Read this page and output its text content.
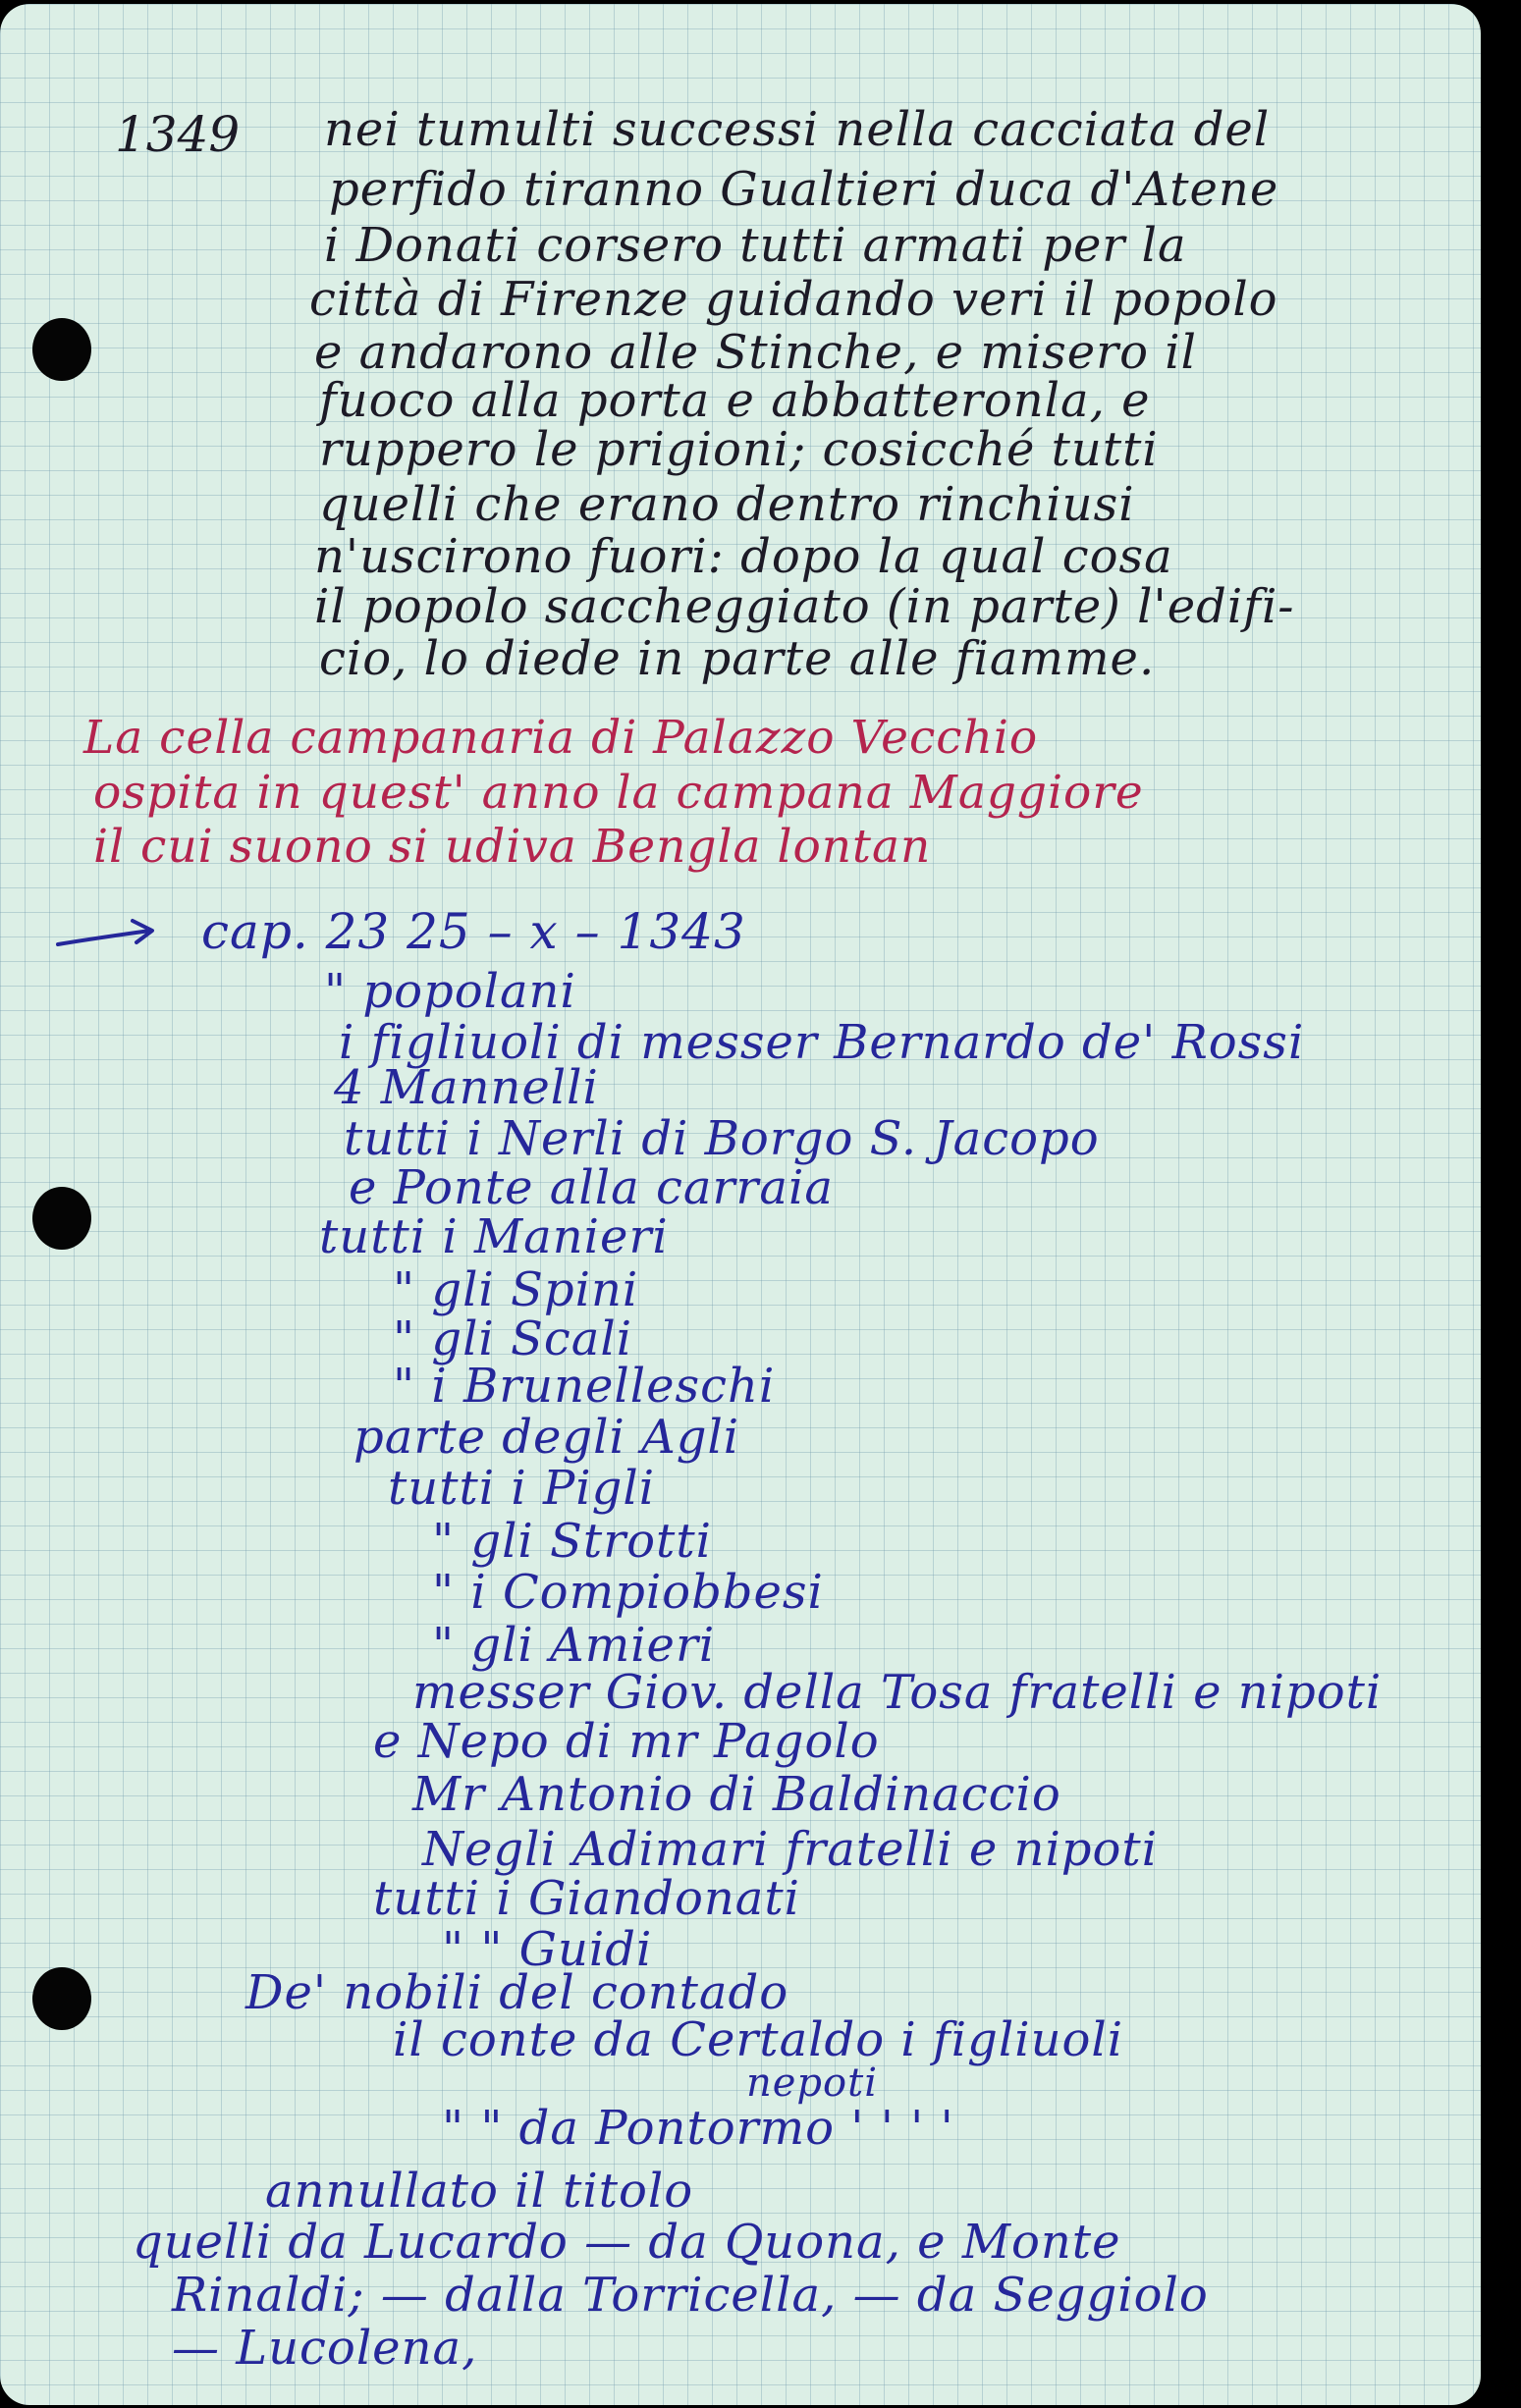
1349 nei tumulti successi nella cacciata del
perfido tiranno Gualtieri duca d'Atene
i Donati corsero tutti armati per la
città di Firenze guidando veri il popolo
e andarono alle Stinche, e misero il
fuoco alla porta e abbatteronla, e
ruppero le prigioni; cosicché tutti
quelli che erano dentro rinchiusi
n'uscirono fuori: dopo la qual cosa
il popolo saccheggiato (in parte) l'edifi-
cio, lo diede in parte alle fiamme.
La cella campanaria di Palazzo Vecchio
ospita in quest' anno la campana Maggiore
il cui suono si udiva Bengla lontan
cap. 23 25 – x – 1343
" popolani
i figliuoli di messer Bernardo de' Rossi
4 Mannelli
tutti i Nerli di Borgo S. Jacopo
e Ponte alla carraia
tutti i Manieri
" gli Spini
" gli Scali
" i Brunelleschi
parte degli Agli
tutti i Pigli
" gli Strotti
" i Compiobbesi
" gli Amieri
messer Giov. della Tosa fratelli e nipoti
e Nepo di mr Pagolo
Mr Antonio di Baldinaccio
Negli Adimari fratelli e nipoti
tutti i Giandonati
" " Guidi
De' nobili del contado
il conte da Certaldo i figliuoli
nepoti
" " da Pontormo ' ' ' '
annullato il titolo
quelli da Lucardo — da Quona, e Monte
Rinaldi; — dalla Torricella, — da Seggiolo
— Lucolena,
